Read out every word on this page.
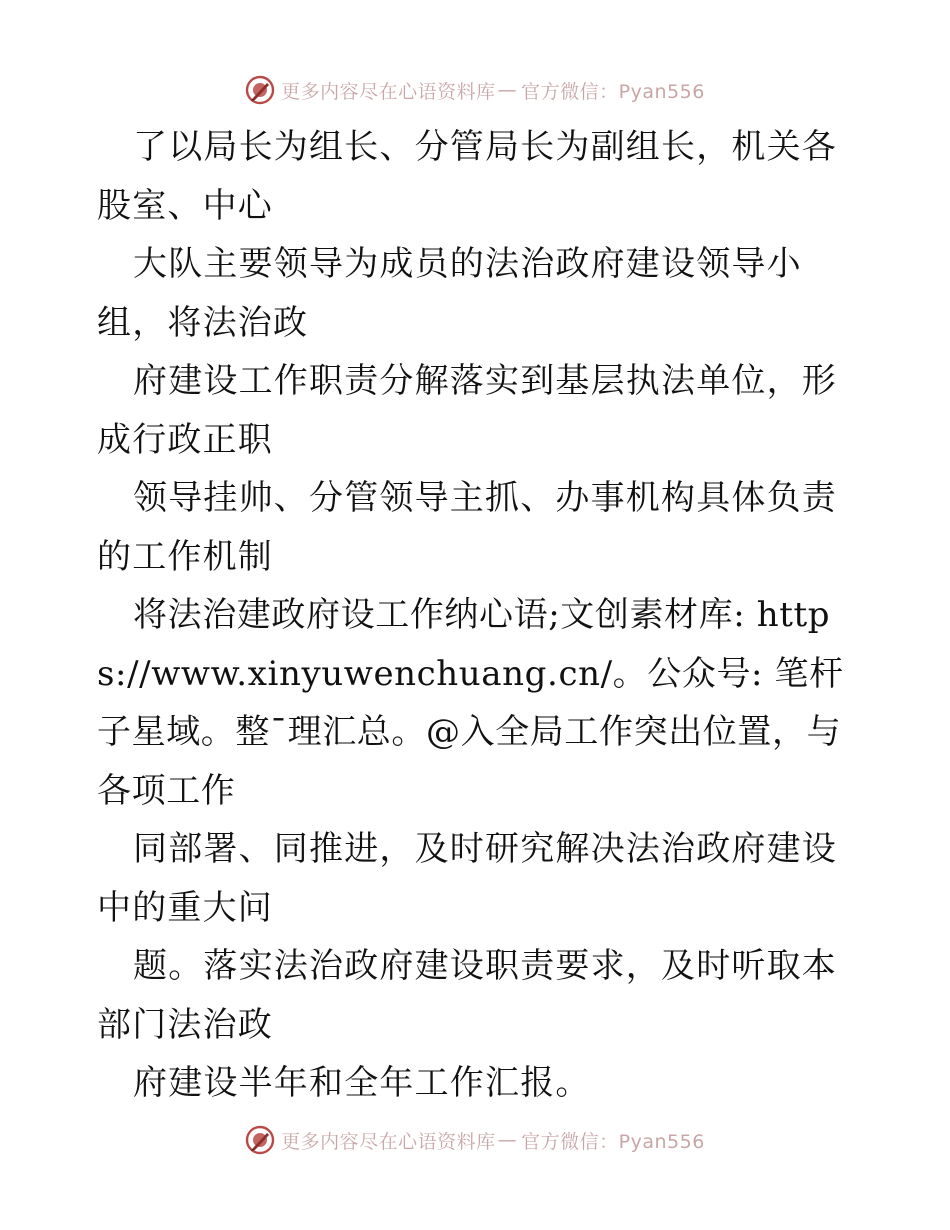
更多内容尽在心语资料库 — 官方微信：Pyan556

了以局长为组长、分管局长为副组长，机关各股室、中心

大队主要领导为成员的法治政府建设领导小组，将法治政

府建设工作职责分解落实到基层执法单位，形成行政正职

领导挂帅、分管领导主抓、办事机构具体负责的工作机制

将法治建政府设工作纳心语;文创素材库: https://www.xinyuwenchuang.cn/。公众号: 笔杆子星域。整¯理汇总。@入全局工作突出位置，与各项工作

同部署、同推进，及时研究解决法治政府建设中的重大问

题。落实法治政府建设职责要求，及时听取本部门法治政

府建设半年和全年工作汇报。

更多内容尽在心语资料库 — 官方微信：Pyan556
